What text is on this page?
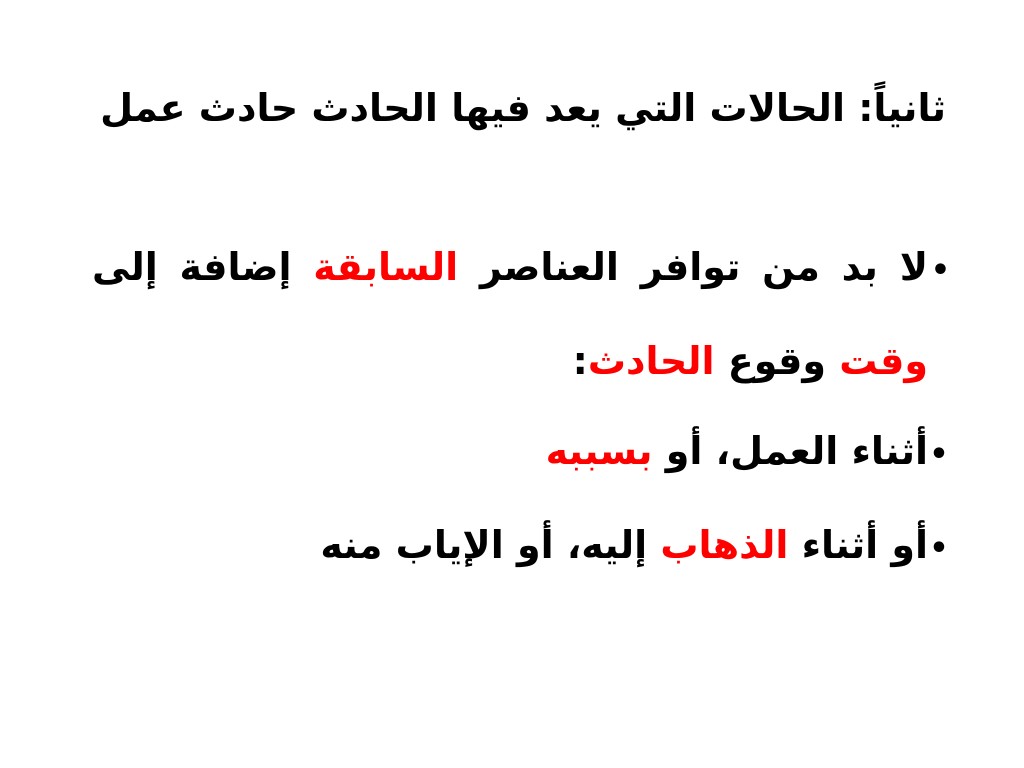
ثانياً: الحالات التي يعد فيها الحادث حادث عمل
•لا بد من توافر العناصر السابقة إضافة إلى
وقت وقوع الحادث:
•أثناء العمل، أو بسببه
•أو أثناء الذهاب إليه، أو الإياب منه
